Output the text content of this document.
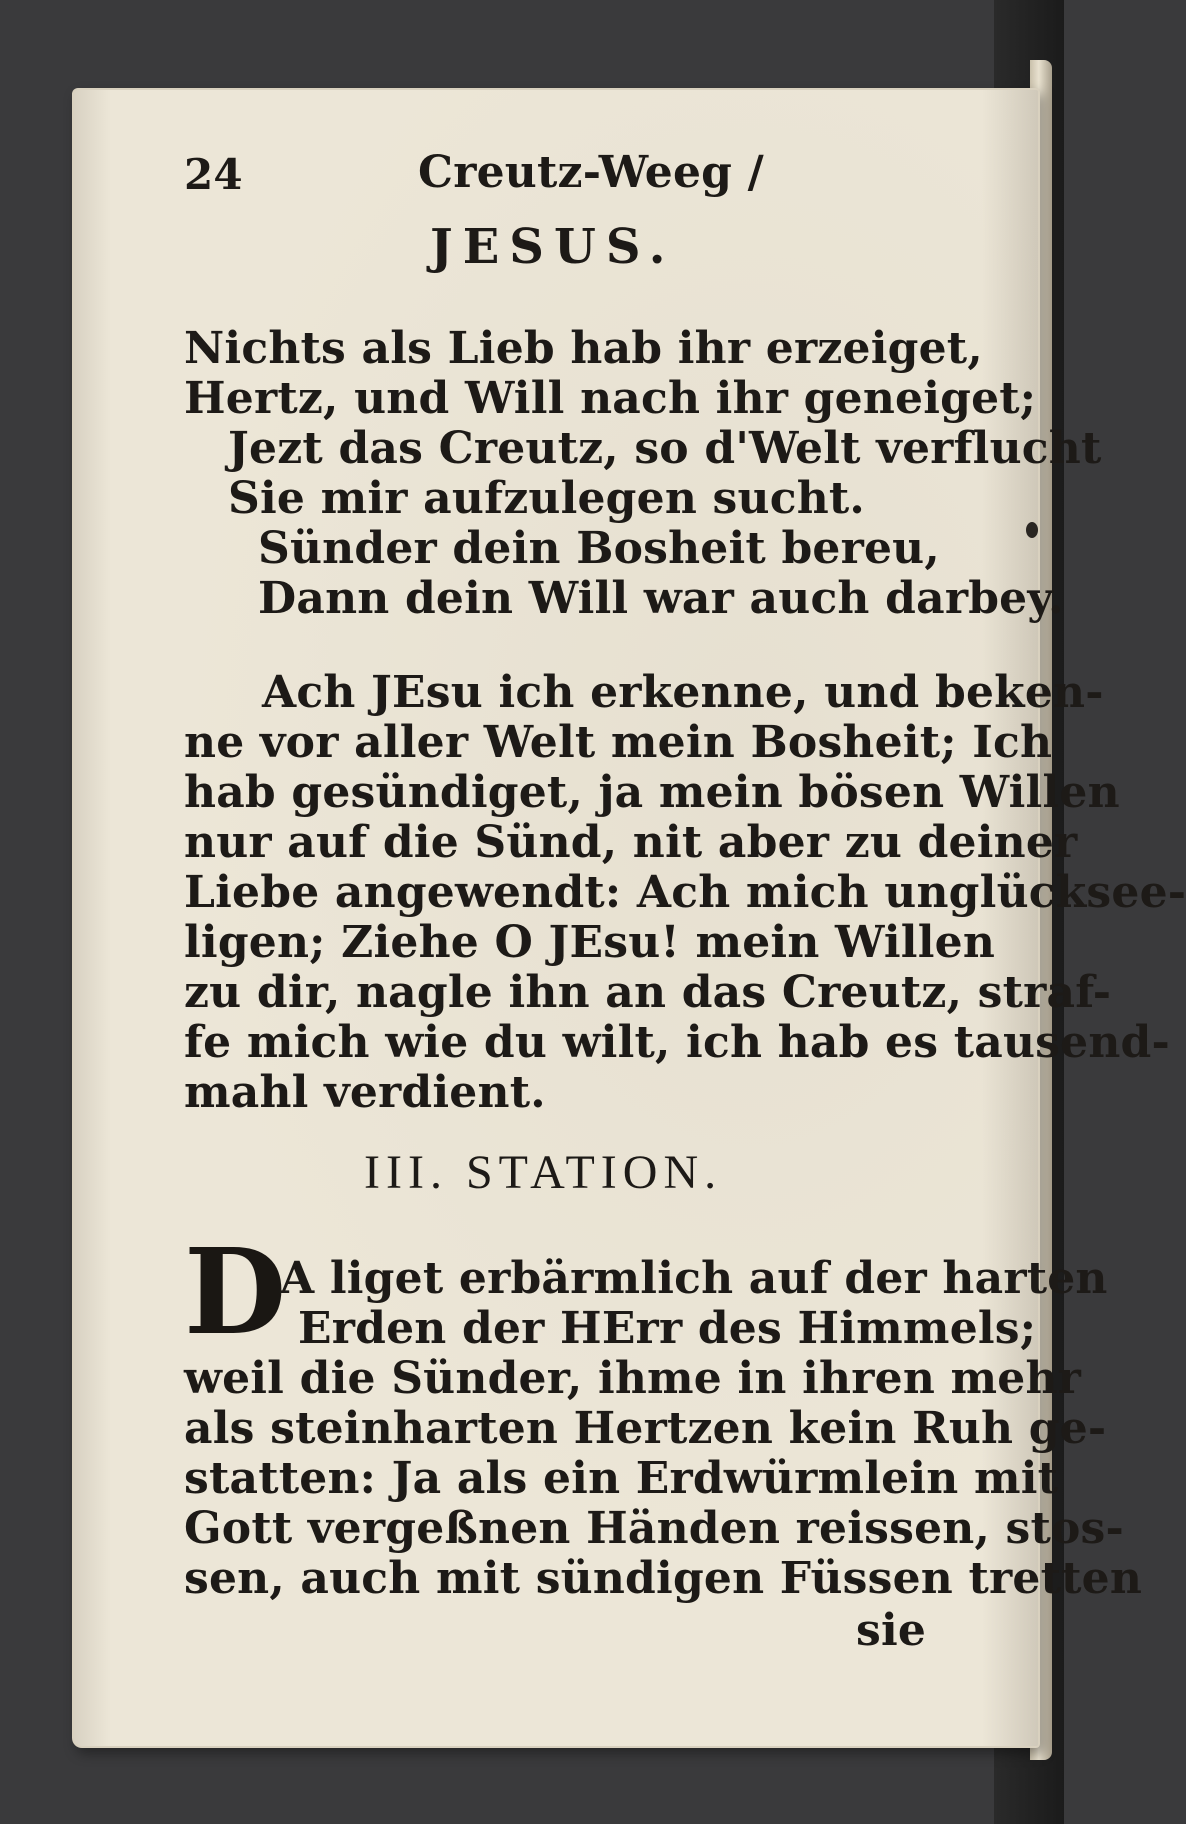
24	Creutz-Weeg /
JESUS.
Nichts als Lieb hab ihr erzeiget,
Hertz, und Will nach ihr geneiget;
Jezt das Creutz, so d'Welt verflucht
Sie mir aufzulegen sucht.
Sünder dein Bosheit bereu,
Dann dein Will war auch darbey.
Ach JEsu ich erkenne, und beken-
ne vor aller Welt mein Bosheit; Ich
hab gesündiget, ja mein bösen Willen
nur auf die Sünd, nit aber zu deiner
Liebe angewendt: Ach mich unglücksee-
ligen; Ziehe O JEsu! mein Willen
zu dir, nagle ihn an das Creutz, straf-
fe mich wie du wilt, ich hab es tausend-
mahl verdient.
III. STATION.
D
A liget erbärmlich auf der harten
Erden der HErr des Himmels;
weil die Sünder, ihme in ihren mehr
als steinharten Hertzen kein Ruh ge-
statten: Ja als ein Erdwürmlein mit
Gott vergeßnen Händen reissen, stos-
sen, auch mit sündigen Füssen tretten
sie
